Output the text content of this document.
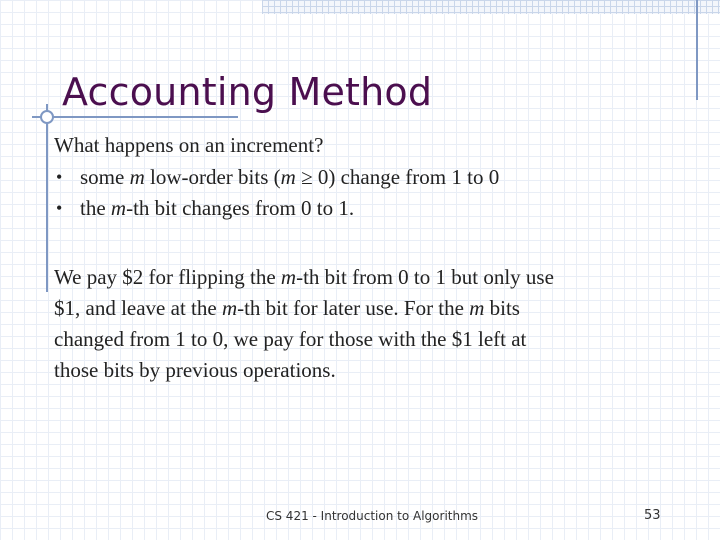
Accounting Method

What happens on an increment?

• some m low-order bits (m ≥ 0) change from 1 to 0
• the m-th bit changes from 0 to 1.

We pay $2 for flipping the m-th bit from 0 to 1 but only use $1, and leave at the m-th bit for later use. For the m bits changed from 1 to 0, we pay for those with the $1 left at those bits by previous operations.

CS 421 - Introduction to Algorithms	53
